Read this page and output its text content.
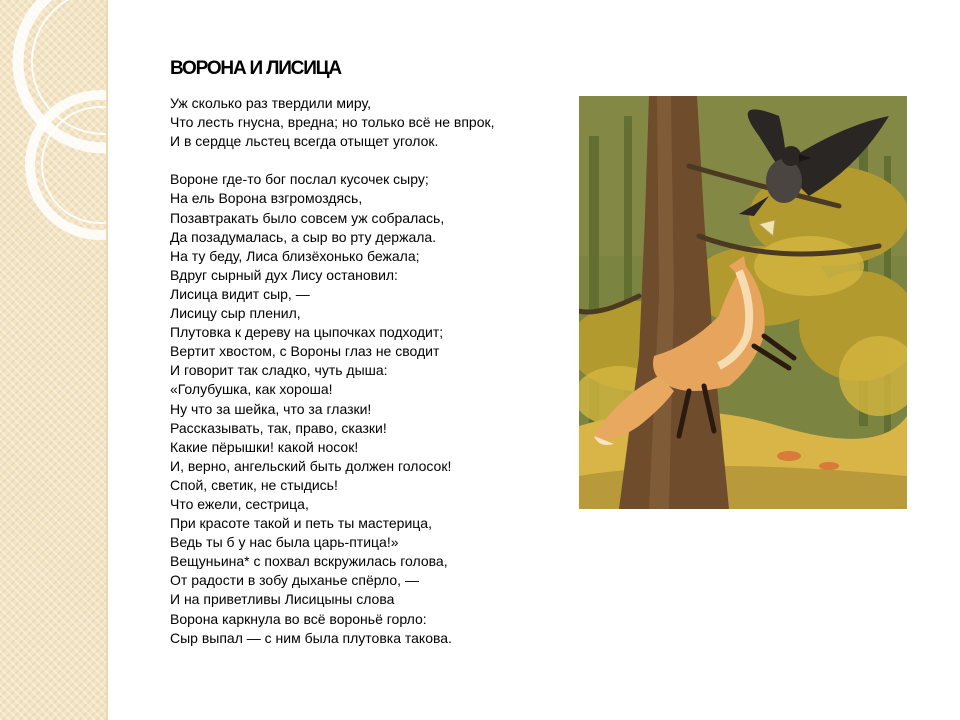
ВОРОНА И ЛИСИЦА
Уж сколько раз твердили миру,
Что лесть гнусна, вредна; но только всё не впрок,
И в сердце льстец всегда отыщет уголок.
Вороне где-то бог послал кусочек сыру;
На ель Ворона взгромоздясь,
Позавтракать было совсем уж собралась,
Да позадумалась, а сыр во рту держала.
На ту беду, Лиса близёхонько бежала;
Вдруг сырный дух Лису остановил:
Лисица видит сыр, —
Лисицу сыр пленил,
Плутовка к дереву на цыпочках подходит;
Вертит хвостом, с Вороны глаз не сводит
И говорит так сладко, чуть дыша:
«Голубушка, как хороша!
Ну что за шейка, что за глазки!
Рассказывать, так, право, сказки!
Какие пёрышки! какой носок!
И, верно, ангельский быть должен голосок!
Спой, светик, не стыдись!
Что ежели, сестрица,
При красоте такой и петь ты мастерица,
Ведь ты б у нас была царь-птица!»
Вещуньина* с похвал вскружилась голова,
От радости в зобу дыханье спёрло, —
И на приветливы Лисицыны слова
Ворона каркнула во всё вороньё горло:
Сыр выпал — с ним была плутовка такова.
